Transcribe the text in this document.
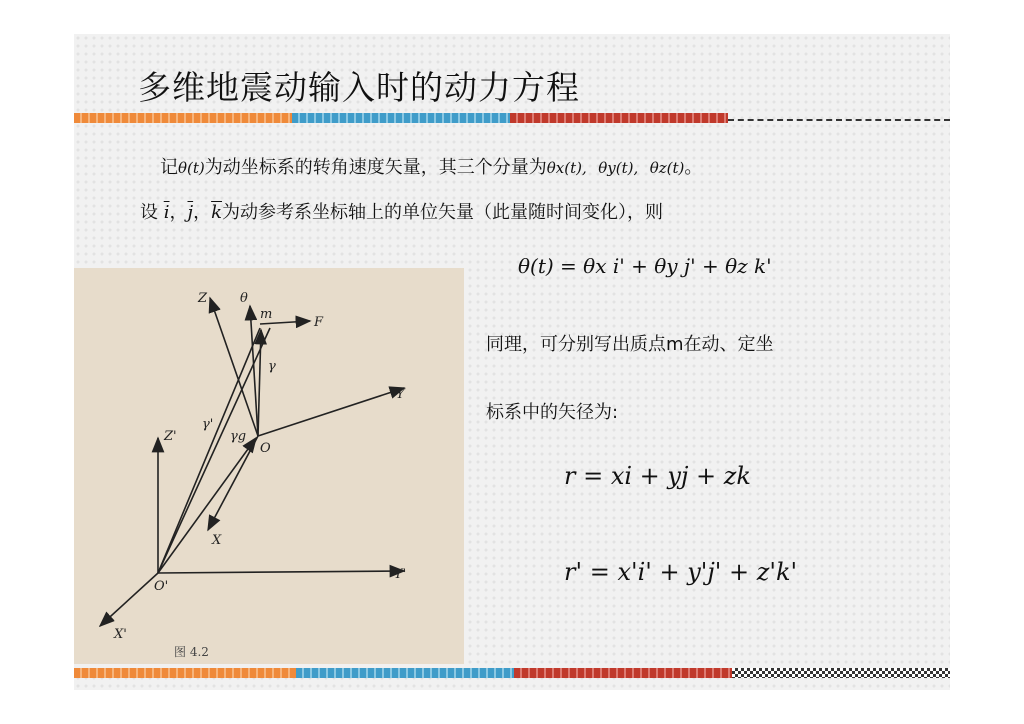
多维地震动输入时的动力方程
记θ(t)为动坐标系的转角速度矢量，其三个分量为θx(t), θy(t), θz(t)。
设 $\overline{i}$，$\overline{j}$，$\overline{k}$为动参考系坐标轴上的单位矢量（此量随时间变化），则
θ(t) = θx i' + θy j' + θz k'
Z	θ
m
F
γ
Y
γ'
γg
O
Z'
X
O'
Y'
X'
图 4.2
同理，可分别写出质点m在动、定坐
标系中的矢径为:
r = xi + yj + zk
r' = x'i' + y'j' + z'k'
